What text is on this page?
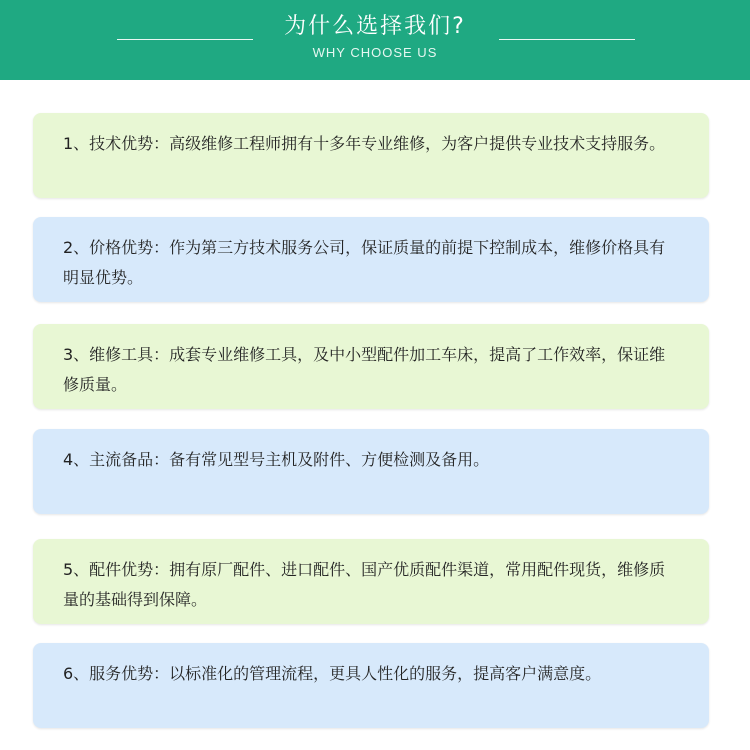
为什么选择我们?
WHY CHOOSE US
1、技术优势：高级维修工程师拥有十多年专业维修，为客户提供专业技术支持服务。
2、价格优势：作为第三方技术服务公司，保证质量的前提下控制成本，维修价格具有明显优势。
3、维修工具：成套专业维修工具，及中小型配件加工车床，提高了工作效率，保证维修质量。
4、主流备品：备有常见型号主机及附件、方便检测及备用。
5、配件优势：拥有原厂配件、进口配件、国产优质配件渠道，常用配件现货，维修质量的基础得到保障。
6、服务优势：以标准化的管理流程，更具人性化的服务，提高客户满意度。
